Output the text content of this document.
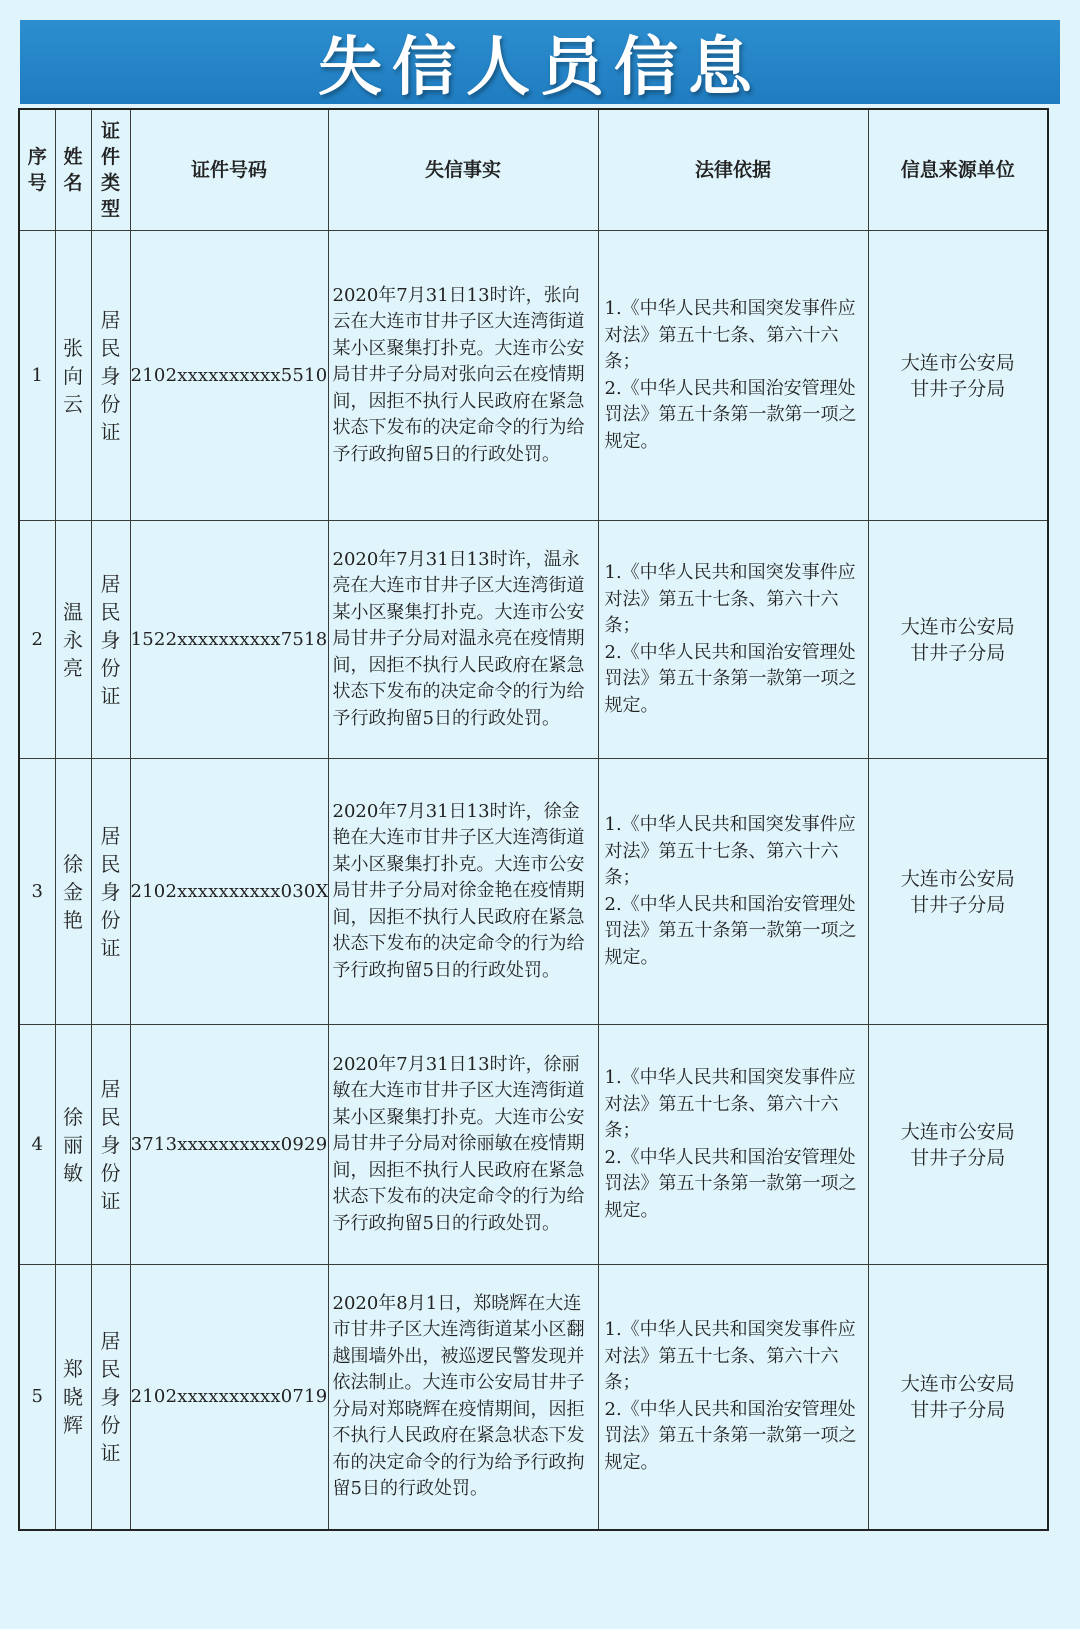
失信人员信息
序号	姓名	证件类型	证件号码	失信事实	法律依据	信息来源单位
1	张向云	居民身份证	2102xxxxxxxxxx5510	2020年7月31日13时许，张向云在大连市甘井子区大连湾街道某小区聚集打扑克。大连市公安局甘井子分局对张向云在疫情期间，因拒不执行人民政府在紧急状态下发布的决定命令的行为给予行政拘留5日的行政处罚。	1.《中华人民共和国突发事件应对法》第五十七条、第六十六条；
2.《中华人民共和国治安管理处罚法》第五十条第一款第一项之规定。	大连市公安局
甘井子分局

2	温永亮	居民身份证	1522xxxxxxxxxx7518	2020年7月31日13时许，温永亮在大连市甘井子区大连湾街道某小区聚集打扑克。大连市公安局甘井子分局对温永亮在疫情期间，因拒不执行人民政府在紧急状态下发布的决定命令的行为给予行政拘留5日的行政处罚。	1.《中华人民共和国突发事件应对法》第五十七条、第六十六条；
2.《中华人民共和国治安管理处罚法》第五十条第一款第一项之规定。	大连市公安局
甘井子分局

3	徐金艳	居民身份证	2102xxxxxxxxxx030X	2020年7月31日13时许，徐金艳在大连市甘井子区大连湾街道某小区聚集打扑克。大连市公安局甘井子分局对徐金艳在疫情期间，因拒不执行人民政府在紧急状态下发布的决定命令的行为给予行政拘留5日的行政处罚。	1.《中华人民共和国突发事件应对法》第五十七条、第六十六条；
2.《中华人民共和国治安管理处罚法》第五十条第一款第一项之规定。	大连市公安局
甘井子分局

4	徐丽敏	居民身份证	3713xxxxxxxxxx0929	2020年7月31日13时许，徐丽敏在大连市甘井子区大连湾街道某小区聚集打扑克。大连市公安局甘井子分局对徐丽敏在疫情期间，因拒不执行人民政府在紧急状态下发布的决定命令的行为给予行政拘留5日的行政处罚。	1.《中华人民共和国突发事件应对法》第五十七条、第六十六条；
2.《中华人民共和国治安管理处罚法》第五十条第一款第一项之规定。	大连市公安局
甘井子分局

5	郑晓辉	居民身份证	2102xxxxxxxxxx0719	2020年8月1日，郑晓辉在大连市甘井子区大连湾街道某小区翻越围墙外出，被巡逻民警发现并依法制止。大连市公安局甘井子分局对郑晓辉在疫情期间，因拒不执行人民政府在紧急状态下发布的决定命令的行为给予行政拘留5日的行政处罚。	1.《中华人民共和国突发事件应对法》第五十七条、第六十六条；
2.《中华人民共和国治安管理处罚法》第五十条第一款第一项之规定。	大连市公安局
甘井子分局
